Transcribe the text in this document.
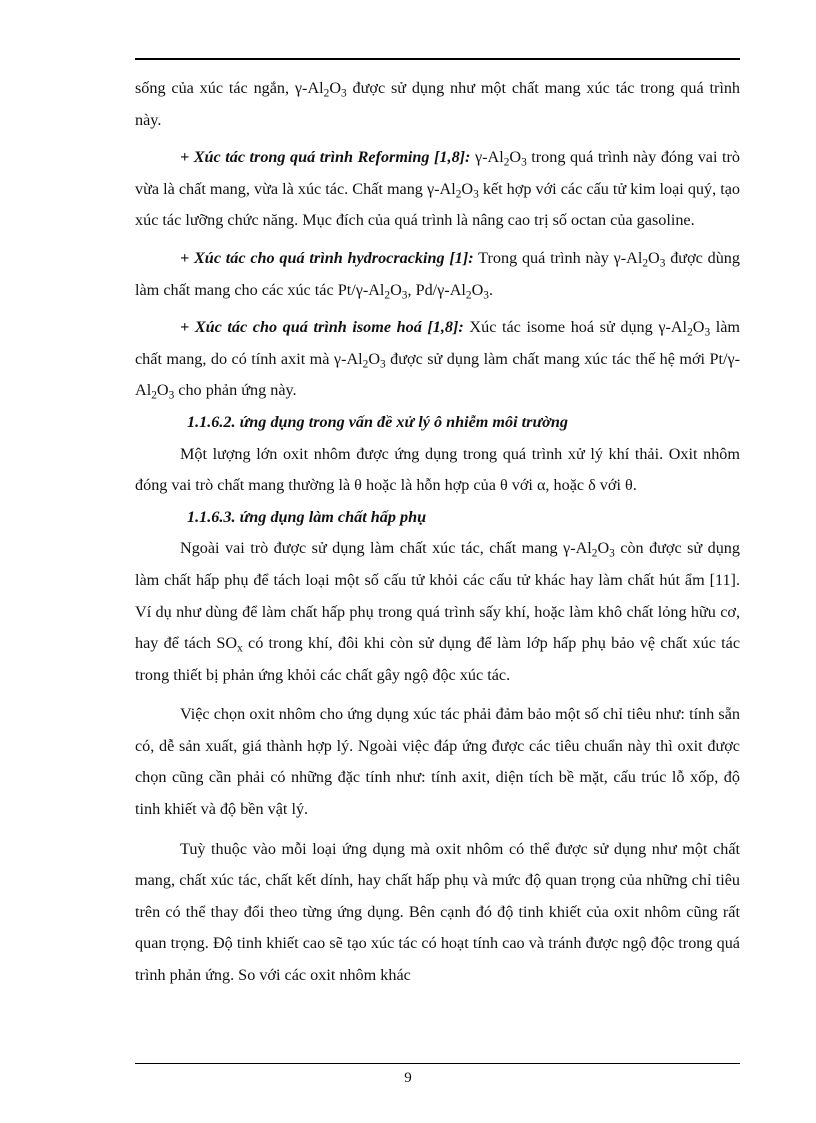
sống của xúc tác ngắn, $\gamma-Al_2O_3$ được sử dụng như một chất mang xúc tác trong quá trình này.

+ Xúc tác trong quá trình Reforming [1,8]: $\gamma-Al_2O_3$ trong quá trình này đóng vai trò vừa là chất mang, vừa là xúc tác. Chất mang $\gamma-Al_2O_3$ kết hợp với các cấu tử kim loại quý, tạo xúc tác lưỡng chức năng. Mục đích của quá trình là nâng cao trị số octan của gasoline.

+ Xúc tác cho quá trình hydrocracking [1]: Trong quá trình này $\gamma-Al_2O_3$ được dùng làm chất mang cho các xúc tác $Pt/\gamma-Al_2O_3$, $Pd/\gamma-Al_2O_3$.

+ Xúc tác cho quá trình isome hoá [1,8]: Xúc tác isome hoá sử dụng $\gamma-Al_2O_3$ làm chất mang, do có tính axit mà $\gamma-Al_2O_3$ được sử dụng làm chất mang xúc tác thế hệ mới $Pt/\gamma-Al_2O_3$ cho phản ứng này.

1.1.6.2. ứng dụng trong vấn đề xử lý ô nhiễm môi trường

Một lượng lớn oxit nhôm được ứng dụng trong quá trình xử lý khí thải. Oxit nhôm đóng vai trò chất mang thường là θ hoặc là hỗn hợp của θ với α, hoặc δ với θ.

1.1.6.3. ứng dụng làm chất hấp phụ

Ngoài vai trò được sử dụng làm chất xúc tác, chất mang $\gamma-Al_2O_3$ còn được sử dụng làm chất hấp phụ để tách loại một số cấu tử khỏi các cấu tử khác hay làm chất hút ẩm [11]. Ví dụ như dùng để làm chất hấp phụ trong quá trình sấy khí, hoặc làm khô chất lỏng hữu cơ, hay để tách $SO_x$ có trong khí, đôi khi còn sử dụng để làm lớp hấp phụ bảo vệ chất xúc tác trong thiết bị phản ứng khỏi các chất gây ngộ độc xúc tác.

Việc chọn oxit nhôm cho ứng dụng xúc tác phải đảm bảo một số chỉ tiêu như: tính sẵn có, dễ sản xuất, giá thành hợp lý. Ngoài việc đáp ứng được các tiêu chuẩn này thì oxit được chọn cũng cần phải có những đặc tính như: tính axit, diện tích bề mặt, cấu trúc lỗ xốp, độ tinh khiết và độ bền vật lý.

Tuỳ thuộc vào mỗi loại ứng dụng mà oxit nhôm có thể được sử dụng như một chất mang, chất xúc tác, chất kết dính, hay chất hấp phụ và mức độ quan trọng của những chỉ tiêu trên có thể thay đổi theo từng ứng dụng. Bên cạnh đó độ tinh khiết của oxit nhôm cũng rất quan trọng. Độ tinh khiết cao sẽ tạo xúc tác có hoạt tính cao và tránh được ngộ độc trong quá trình phản ứng. So với các oxit nhôm khác

9
